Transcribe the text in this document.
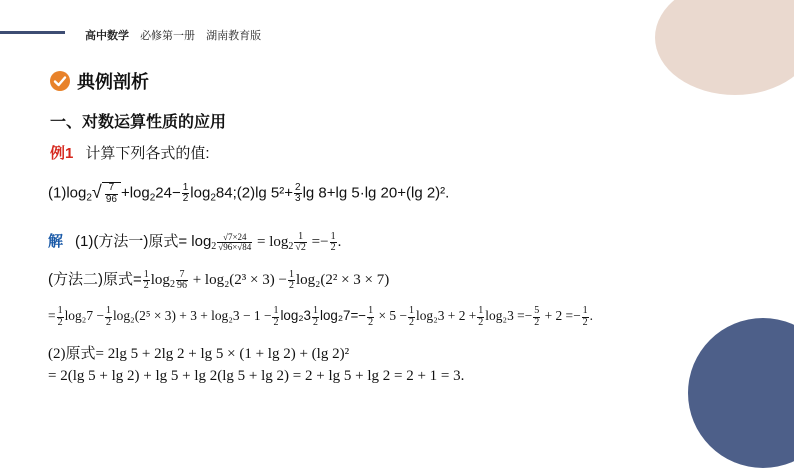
高中数学 必修第一册 湖南教育版
典例剖析
一、对数运算性质的应用
例1 计算下列各式的值:
$(1)\log_2√ \frac{7}{96} +\log_224- \frac{1}{2}$ $\log_284;(2)\lg$ $5^2+ \frac{2}{3}$ lg 8+lg 5·lg 20+(lg 2)².
解 (1)(方法一)原式= $\log_2 \frac{√7\times 24}{√96\times√84} = \log_2 \frac{1}{√2} =- \frac{1}{2}$ .
(方法二)原式= $\frac{1}{2} \log_2 \frac{7}{96} + \log_2(2^3 \times 3) - \frac{1}{2} \log_2(2^2 \times 3 \times 7)$
= $\frac{1}{2} \log_27 - \frac{1}{2} \log_2(2^5 \times 3) + 3 + \log_23 - 1 - \frac{1}{2} \log_23 \frac{1}{2} \log_27=- \frac{1}{2} \times 5 - \frac{1}{2} \log_23 + 2 + \frac{1}{2} \log_23 =- \frac{5}{2} + 2 =- \frac{1}{2}$ .
(2)原式= 2lg 5 + 2lg 2 + lg 5 × (1 + lg 2) + (lg 2)²
= 2(lg 5 + lg 2) + lg 5 + lg 2(lg 5 + lg 2) = 2 + lg 5 + lg 2 = 2 + 1 = 3.
